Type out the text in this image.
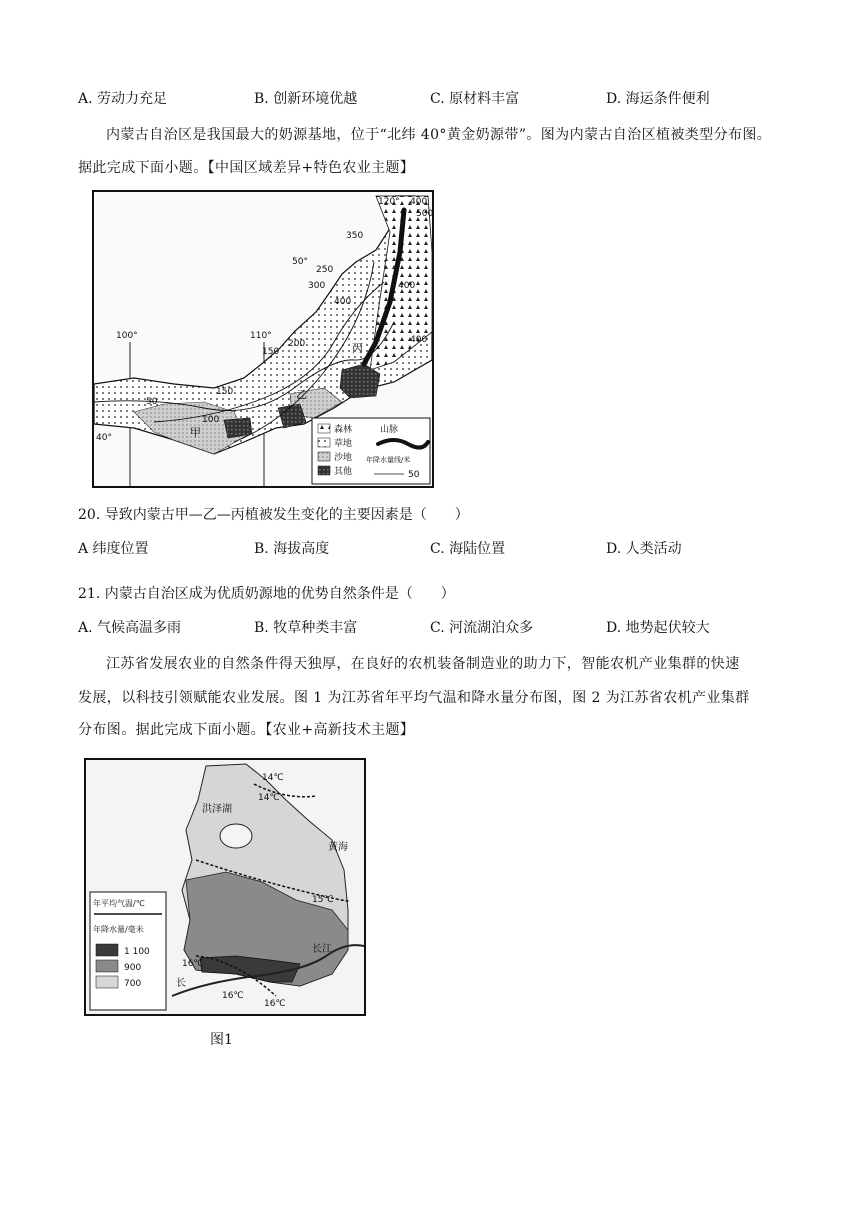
A. 劳动力充足	B. 创新环境优越	C. 原材料丰富	D. 海运条件便利
内蒙古自治区是我国最大的奶源基地，位于“北纬 40°黄金奶源带”。图为内蒙古自治区植被类型分布图。
据此完成下面小题。【中国区域差异+特色农业主题】
100°	110°
120°
50°
40°
400
500
350
250
300
400
400
200
150
150
50
100
400
甲
乙
丙
森林
草地
沙地
其他
山脉
年降水量线/米
50
20. 导致内蒙古甲—乙—丙植被发生变化的主要因素是（　　）
A 纬度位置	B. 海拔高度	C. 海陆位置	D. 人类活动
21. 内蒙古自治区成为优质奶源地的优势自然条件是（　　）
A. 气候高温多雨	B. 牧草种类丰富	C. 河流湖泊众多	D. 地势起伏较大
江苏省发展农业的自然条件得天独厚，在良好的农机装备制造业的助力下，智能农机产业集群的快速
发展，以科技引领赋能农业发展。图 1 为江苏省年平均气温和降水量分布图，图 2 为江苏省农机产业集群
分布图。据此完成下面小题。【农业+高新技术主题】
14℃
14℃
15℃
16℃
16℃
16℃
洪泽湖
黄海
长江
长
年平均气温/℃
年降水量/毫米
1 100
900
700
图1
